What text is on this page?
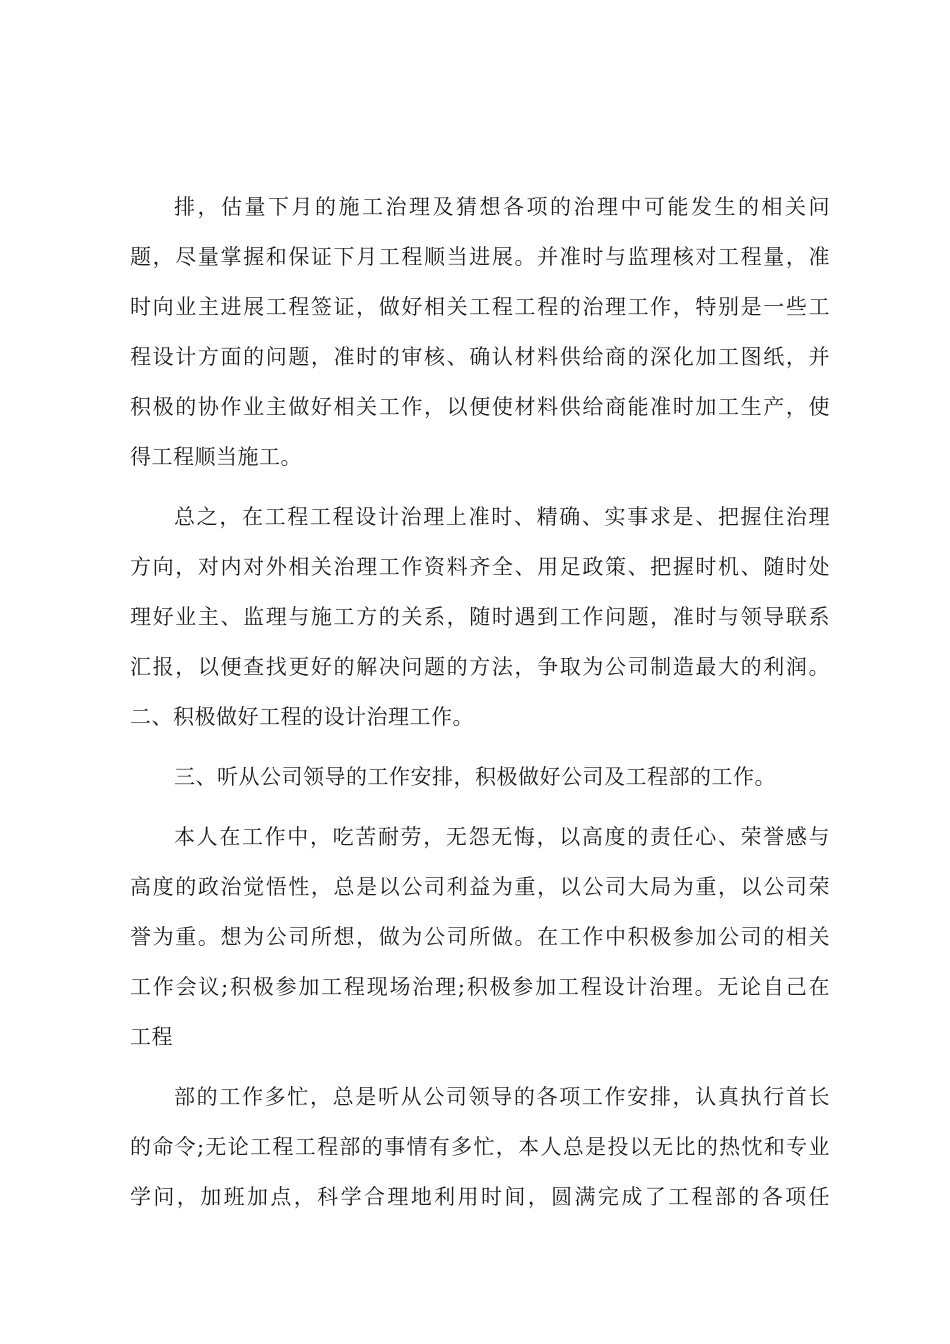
排，估量下月的施工治理及猜想各项的治理中可能发生的相关问
题，尽量掌握和保证下月工程顺当进展。并准时与监理核对工程量，准
时向业主进展工程签证，做好相关工程工程的治理工作，特别是一些工
程设计方面的问题，准时的审核、确认材料供给商的深化加工图纸，并
积极的协作业主做好相关工作，以便使材料供给商能准时加工生产，使
得工程顺当施工。
总之，在工程工程设计治理上准时、精确、实事求是、把握住治理
方向，对内对外相关治理工作资料齐全、用足政策、把握时机、随时处
理好业主、监理与施工方的关系，随时遇到工作问题，准时与领导联系
汇报，以便查找更好的解决问题的方法，争取为公司制造最大的利润。
二、积极做好工程的设计治理工作。
三、听从公司领导的工作安排，积极做好公司及工程部的工作。
本人在工作中，吃苦耐劳，无怨无悔，以高度的责任心、荣誉感与
高度的政治觉悟性，总是以公司利益为重，以公司大局为重，以公司荣
誉为重。想为公司所想，做为公司所做。在工作中积极参加公司的相关
工作会议;积极参加工程现场治理;积极参加工程设计治理。无论自己在
工程
部的工作多忙，总是听从公司领导的各项工作安排，认真执行首长
的命令;无论工程工程部的事情有多忙，本人总是投以无比的热忱和专业
学问，加班加点，科学合理地利用时间，圆满完成了工程部的各项任
